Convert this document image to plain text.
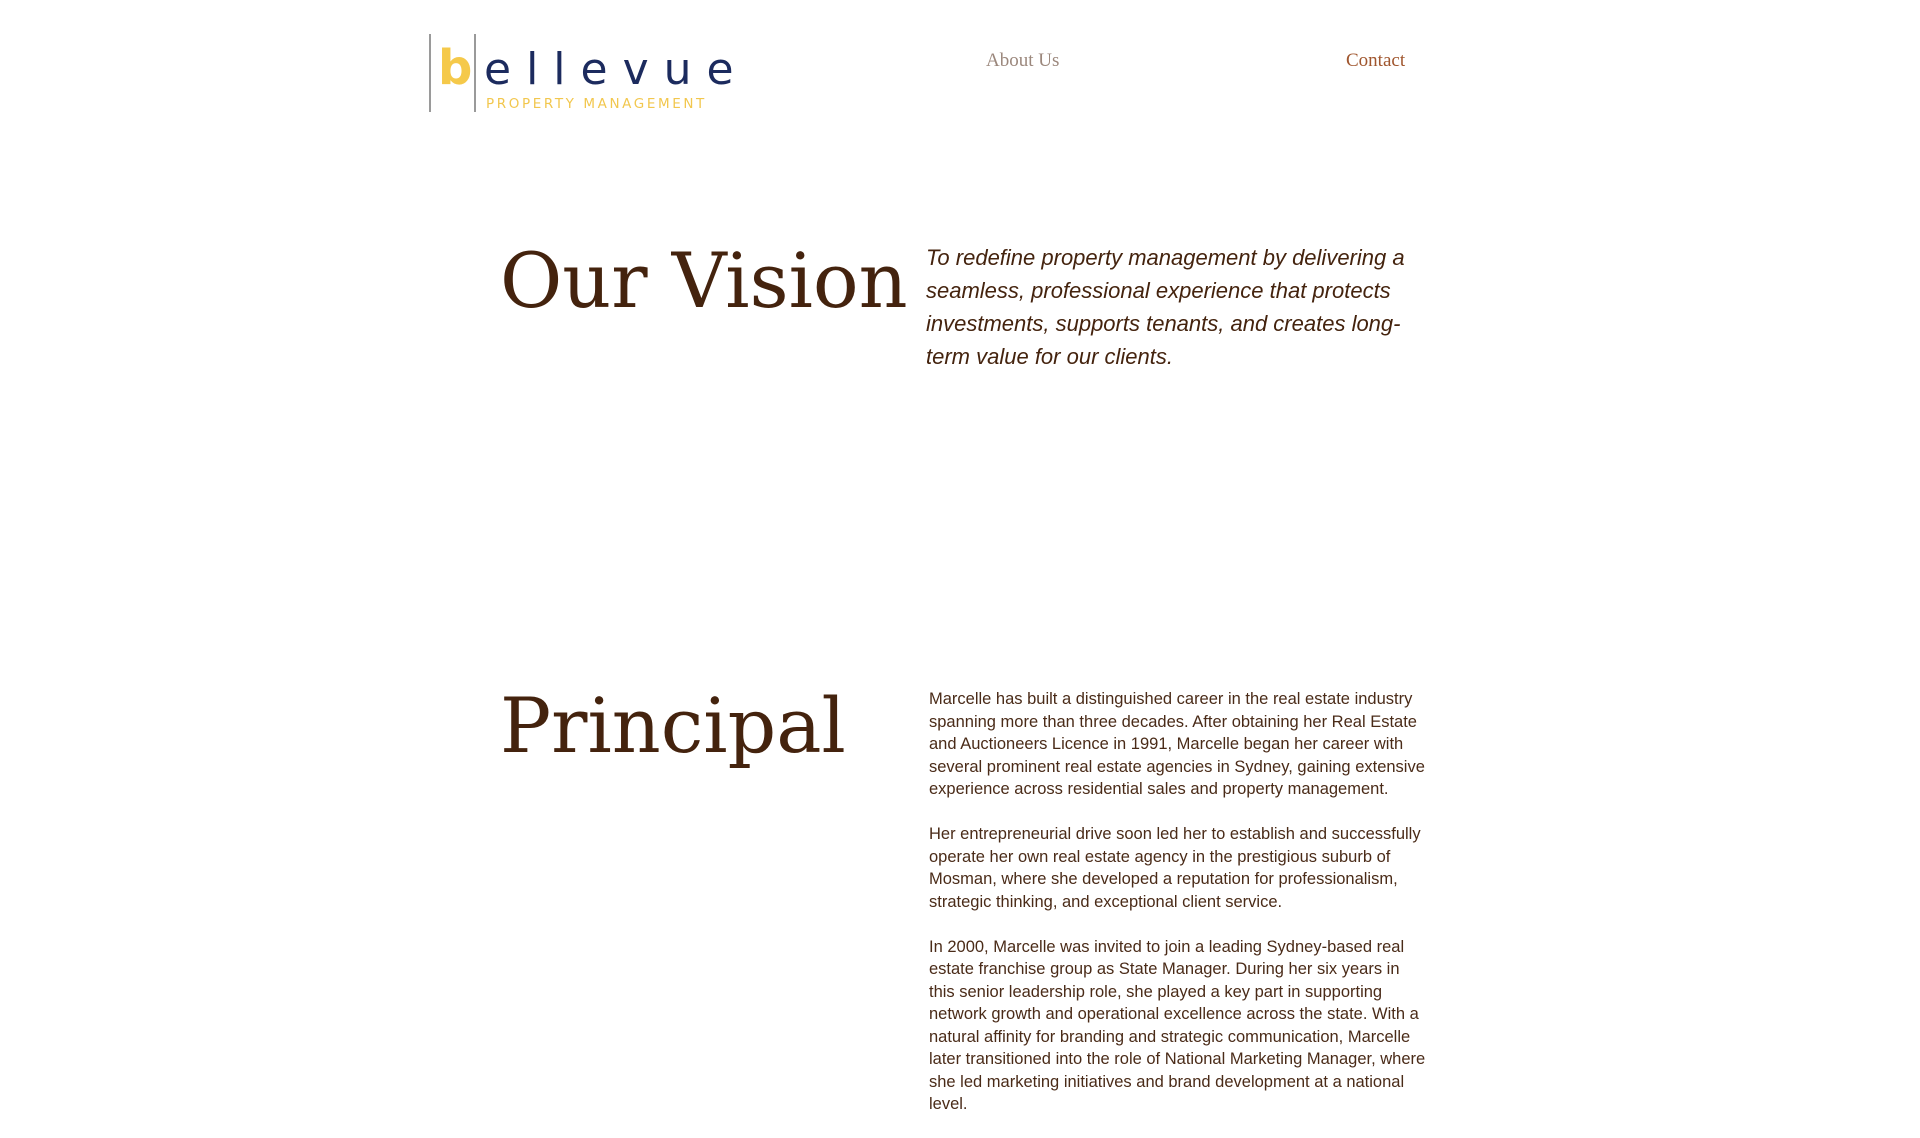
b ellevue
PROPERTY MANAGEMENT
About Us	Contact
Our Vision To redefine property management by delivering a seamless, professional experience that protects investments, supports tenants, and creates long-term value for our clients.

Principal	Marcelle has built a distinguished career in the real estate industry spanning more than three decades. After obtaining her Real Estate and Auctioneers Licence in 1991, Marcelle began her career with several prominent real estate agencies in Sydney, gaining extensive experience across residential sales and property management.

Her entrepreneurial drive soon led her to establish and successfully operate her own real estate agency in the prestigious suburb of Mosman, where she developed a reputation for professionalism, strategic thinking, and exceptional client service.

In 2000, Marcelle was invited to join a leading Sydney-based real estate franchise group as State Manager. During her six years in this senior leadership role, she played a key part in supporting network growth and operational excellence across the state. With a natural affinity for branding and strategic communication, Marcelle later transitioned into the role of National Marketing Manager, where she led marketing initiatives and brand development at a national level.
